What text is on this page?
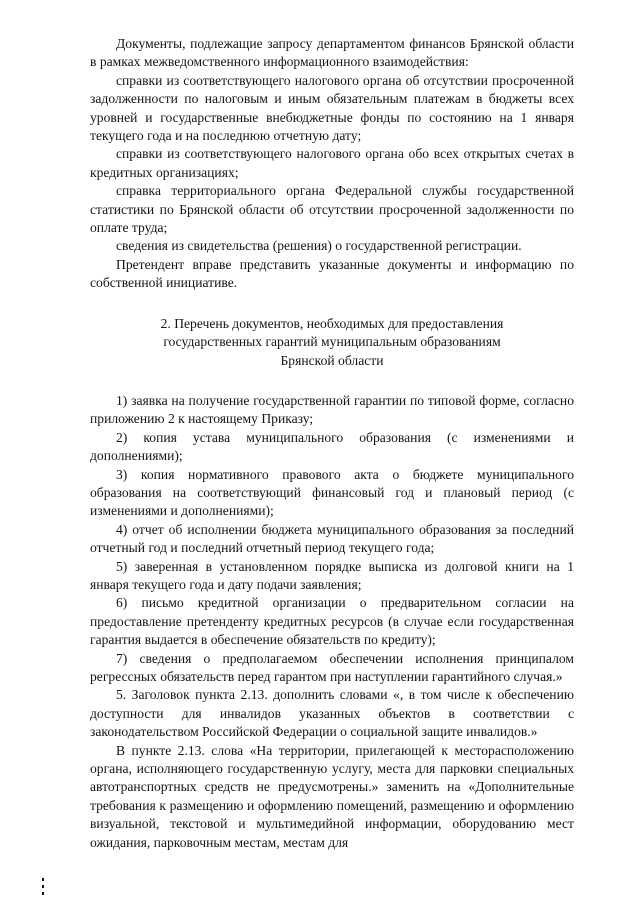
Документы, подлежащие запросу департаментом финансов Брянской области в рамках межведомственного информационного взаимодействия:

справки из соответствующего налогового органа об отсутствии просроченной задолженности по налоговым и иным обязательным платежам в бюджеты всех уровней и государственные внебюджетные фонды по состоянию на 1 января текущего года и на последнюю отчетную дату;

справки из соответствующего налогового органа обо всех открытых счетах в кредитных организациях;

справка территориального органа Федеральной службы государственной статистики по Брянской области об отсутствии просроченной задолженности по оплате труда;

сведения из свидетельства (решения) о государственной регистрации.

Претендент вправе представить указанные документы и информацию по собственной инициативе.

2. Перечень документов, необходимых для предоставления

государственных гарантий муниципальным образованиям

Брянской области

1) заявка на получение государственной гарантии по типовой форме, согласно приложению 2 к настоящему Приказу;

2) копия устава муниципального образования (с изменениями и дополнениями);

3) копия нормативного правового акта о бюджете муниципального образования на соответствующий финансовый год и плановый период (с изменениями и дополнениями);

4) отчет об исполнении бюджета муниципального образования за последний отчетный год и последний отчетный период текущего года;

5) заверенная в установленном порядке выписка из долговой книги на 1 января текущего года и дату подачи заявления;

6) письмо кредитной организации о предварительном согласии на предоставление претенденту кредитных ресурсов (в случае если государственная гарантия выдается в обеспечение обязательств по кредиту);

7) сведения о предполагаемом обеспечении исполнения принципалом регрессных обязательств перед гарантом при наступлении гарантийного случая.»

5. Заголовок пункта 2.13. дополнить словами «, в том числе к обеспечению доступности для инвалидов указанных объектов в соответствии с законодательством Российской Федерации о социальной защите инвалидов.»

В пункте 2.13. слова «На территории, прилегающей к месторасположению органа, исполняющего государственную услугу, места для парковки специальных автотранспортных средств не предусмотрены.» заменить на «Дополнительные требования к размещению и оформлению помещений, размещению и оформлению визуальной, текстовой и мультимедийной информации, оборудованию мест ожидания, парковочным местам, местам для
